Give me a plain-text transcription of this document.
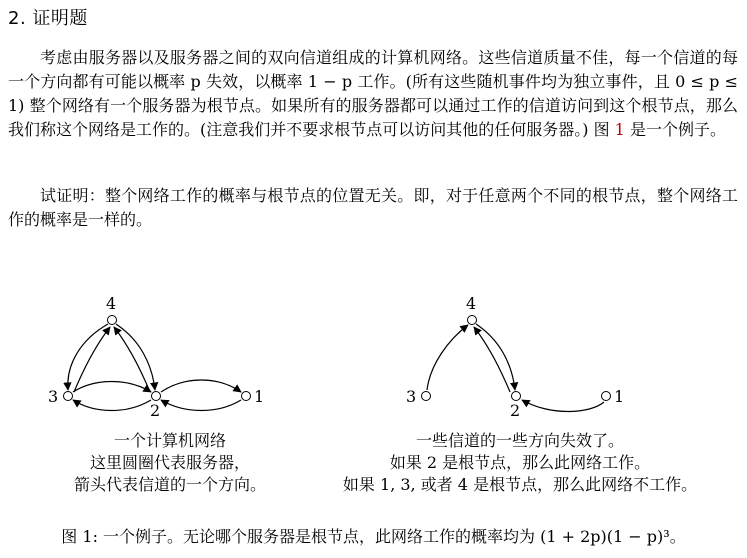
2. 证明题
考虑由服务器以及服务器之间的双向信道组成的计算机网络。这些信道质量不佳，每一个信道的每一个方向都有可能以概率 p 失效，以概率 1 − p 工作。(所有这些随机事件均为独立事件，且 0 ≤ p ≤ 1) 整个网络有一个服务器为根节点。如果所有的服务器都可以通过工作的信道访问到这个根节点，那么我们称这个网络是工作的。(注意我们并不要求根节点可以访问其他的任何服务器。) 图 1 是一个例子。
试证明：整个网络工作的概率与根节点的位置无关。即，对于任意两个不同的根节点，整个网络工作的概率是一样的。
4
3
2
1
4
3
2
1
一个计算机网络
这里圆圈代表服务器，
箭头代表信道的一个方向。
一些信道的一些方向失效了。
如果 2 是根节点，那么此网络工作。
如果 1, 3, 或者 4 是根节点，那么此网络不工作。
图 1: 一个例子。无论哪个服务器是根节点，此网络工作的概率均为 (1 + 2p)(1 − p)³。
